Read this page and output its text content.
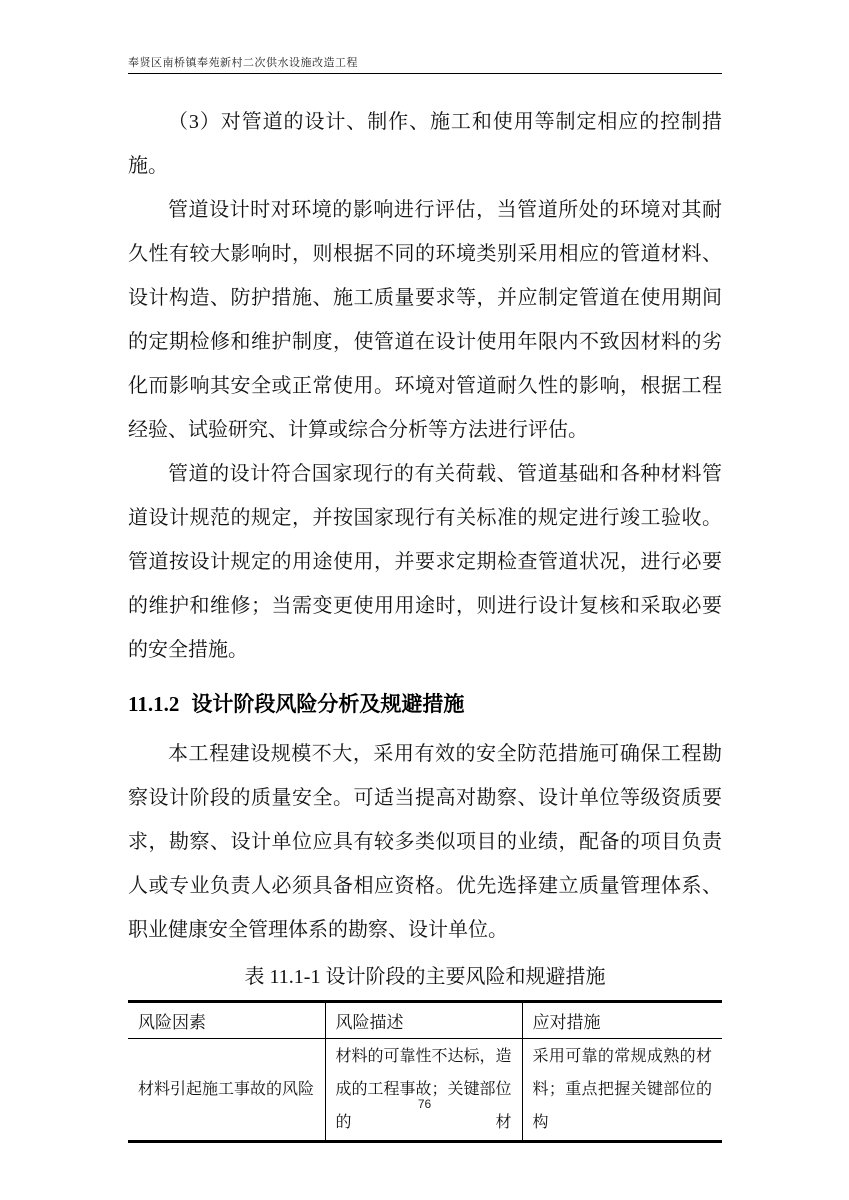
奉贤区南桥镇奉苑新村二次供水设施改造工程

（3）对管道的设计、制作、施工和使用等制定相应的控制措施。

管道设计时对环境的影响进行评估，当管道所处的环境对其耐久性有较大影响时，则根据不同的环境类别采用相应的管道材料、设计构造、防护措施、施工质量要求等，并应制定管道在使用期间的定期检修和维护制度，使管道在设计使用年限内不致因材料的劣化而影响其安全或正常使用。环境对管道耐久性的影响，根据工程经验、试验研究、计算或综合分析等方法进行评估。

管道的设计符合国家现行的有关荷载、管道基础和各种材料管道设计规范的规定，并按国家现行有关标准的规定进行竣工验收。管道按设计规定的用途使用，并要求定期检查管道状况，进行必要的维护和维修；当需变更使用用途时，则进行设计复核和采取必要的安全措施。

11.1.2 设计阶段风险分析及规避措施

本工程建设规模不大，采用有效的安全防范措施可确保工程勘察设计阶段的质量安全。可适当提高对勘察、设计单位等级资质要求，勘察、设计单位应具有较多类似项目的业绩，配备的项目负责人或专业负责人必须具备相应资格。优先选择建立质量管理体系、职业健康安全管理体系的勘察、设计单位。

表 11.1-1 设计阶段的主要风险和规避措施

风险因素	风险描述	应对措施
材料引起施工事故的风险	材料的可靠性不达标，造成的工程事故；关键部位的材	采用可靠的常规成熟的材料；重点把握关键部位的构
76
